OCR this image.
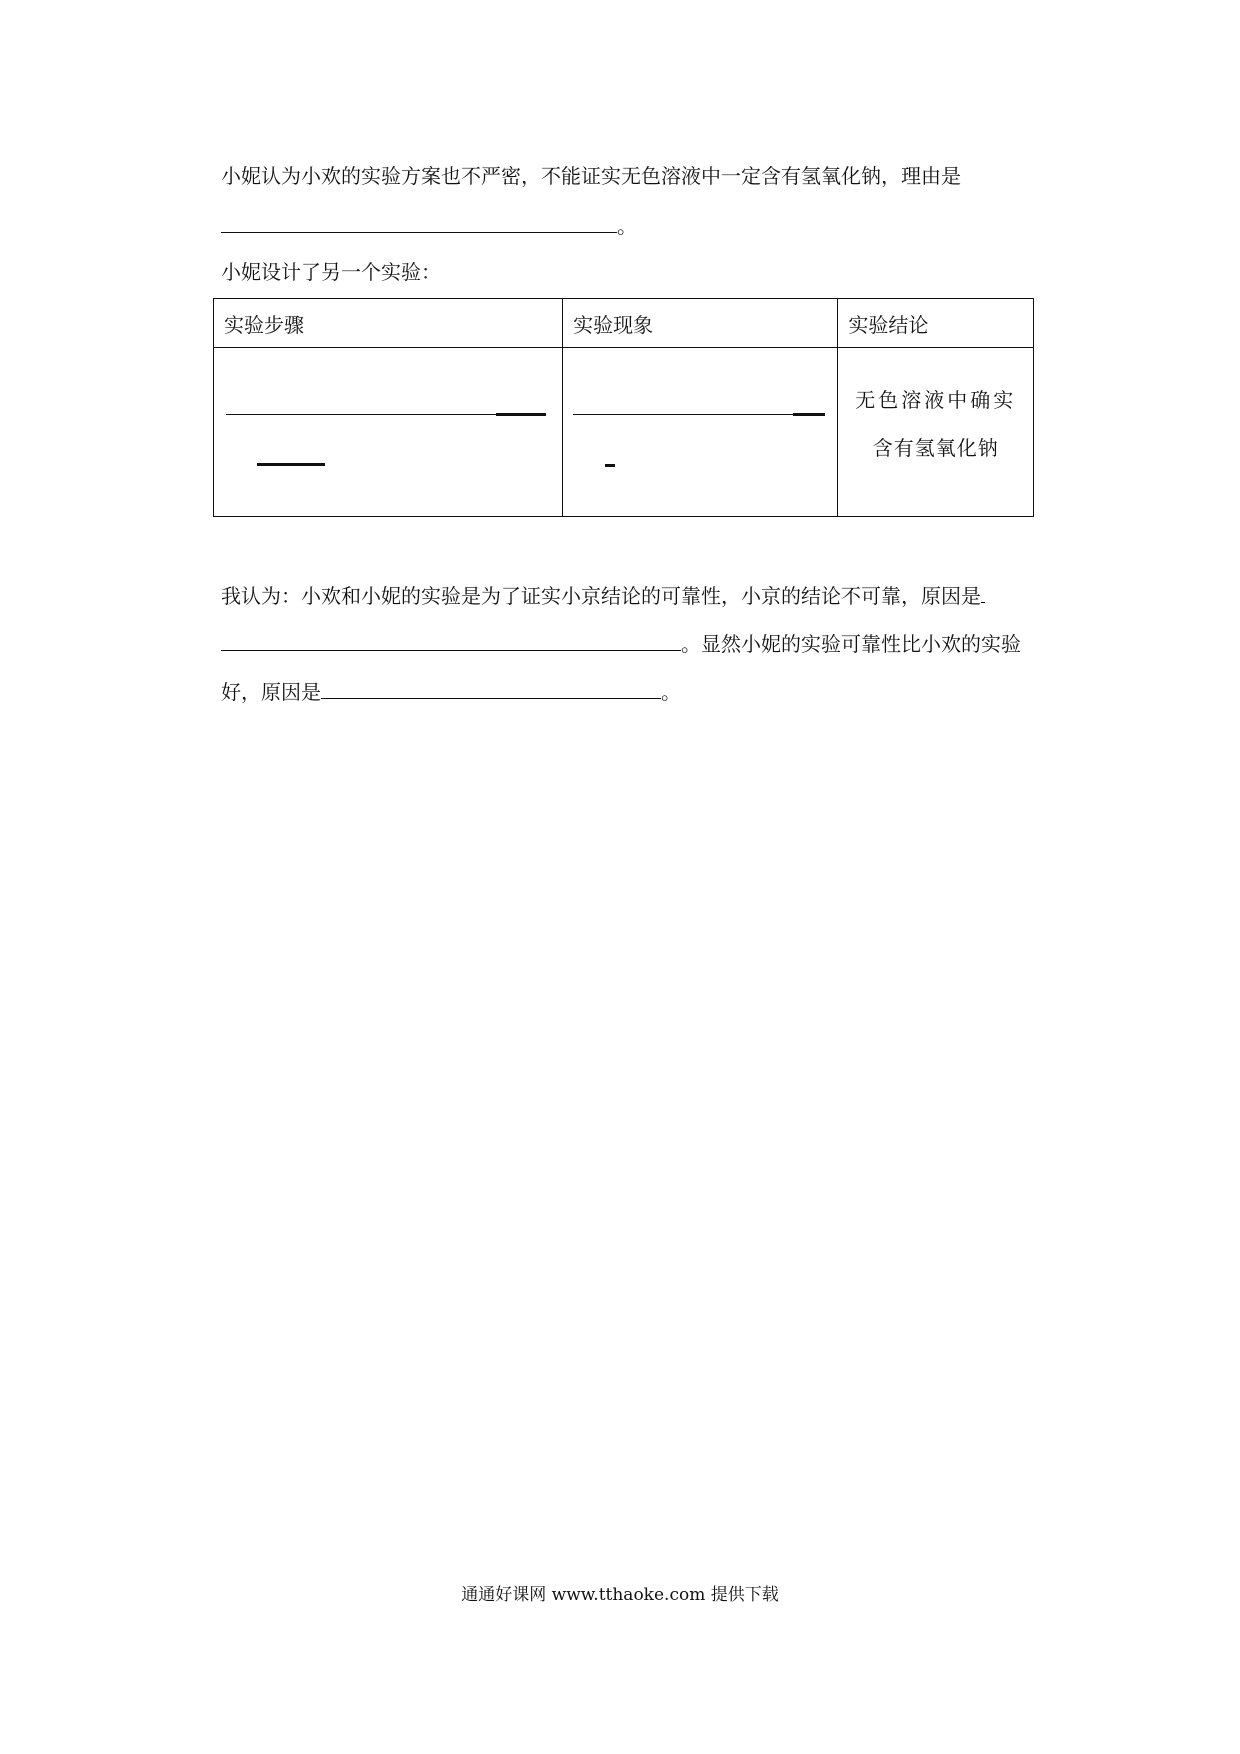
小妮认为小欢的实验方案也不严密，不能证实无色溶液中一定含有氢氧化钠，理由是
。
小妮设计了另一个实验：
实验步骤	实验现象	实验结论

		无色溶液中确实
含有氢氧化钠
我认为：小欢和小妮的实验是为了证实小京结论的可靠性，小京的结论不可靠，原因是
。显然小妮的实验可靠性比小欢的实验
好，原因是	。
通通好课网 www.tthaoke.com 提供下载
